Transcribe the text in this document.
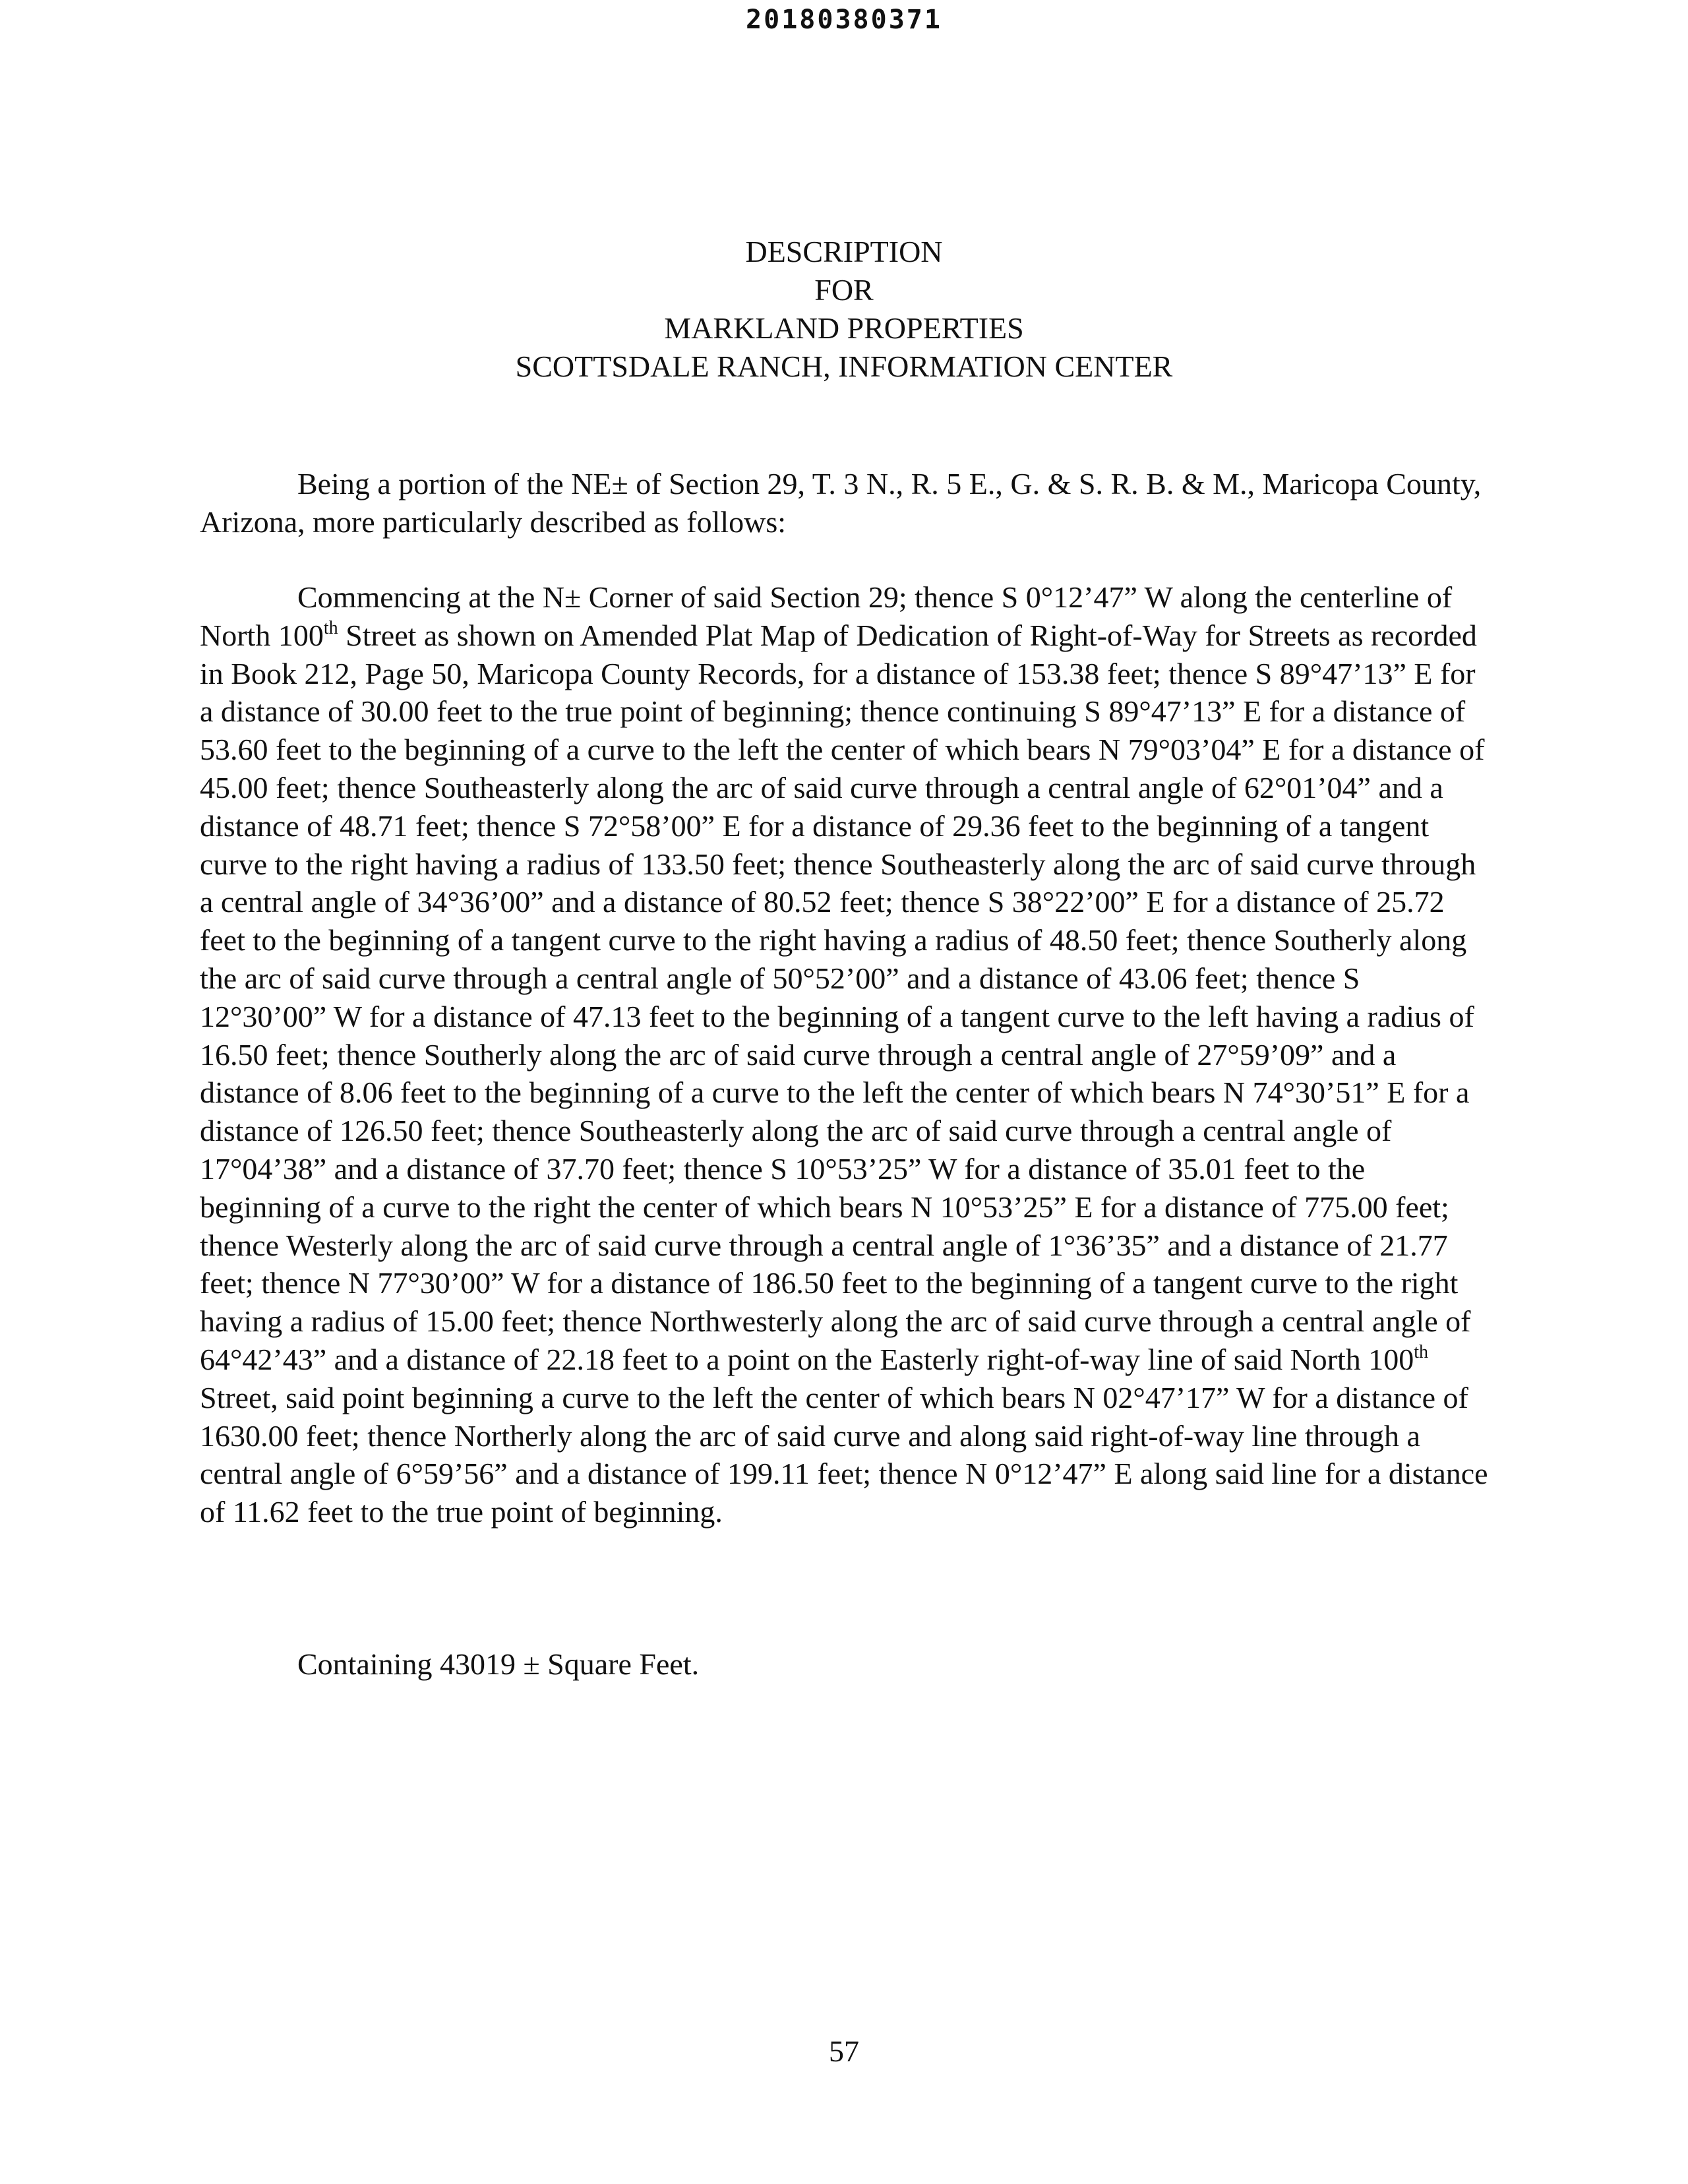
20180380371
DESCRIPTION
FOR
MARKLAND PROPERTIES
SCOTTSDALE RANCH, INFORMATION CENTER

Being a portion of the NE± of Section 29, T. 3 N., R. 5 E., G. & S. R. B. & M., Maricopa County, Arizona, more particularly described as follows:

Commencing at the N± Corner of said Section 29; thence S 0°12’47” W along the centerline of North 100th Street as shown on Amended Plat Map of Dedication of Right-of-Way for Streets as recorded in Book 212, Page 50, Maricopa County Records, for a distance of 153.38 feet; thence S 89°47’13” E for a distance of 30.00 feet to the true point of beginning; thence continuing S 89°47’13” E for a distance of 53.60 feet to the beginning of a curve to the left the center of which bears N 79°03’04” E for a distance of 45.00 feet; thence Southeasterly along the arc of said curve through a central angle of 62°01’04” and a distance of 48.71 feet; thence S 72°58’00” E for a distance of 29.36 feet to the beginning of a tangent curve to the right having a radius of 133.50 feet; thence Southeasterly along the arc of said curve through a central angle of 34°36’00” and a distance of 80.52 feet; thence S 38°22’00” E for a distance of 25.72 feet to the beginning of a tangent curve to the right having a radius of 48.50 feet; thence Southerly along the arc of said curve through a central angle of 50°52’00” and a distance of 43.06 feet; thence S 12°30’00” W for a distance of 47.13 feet to the beginning of a tangent curve to the left having a radius of 16.50 feet; thence Southerly along the arc of said curve through a central angle of 27°59’09” and a distance of 8.06 feet to the beginning of a curve to the left the center of which bears N 74°30’51” E for a distance of 126.50 feet; thence Southeasterly along the arc of said curve through a central angle of 17°04’38” and a distance of 37.70 feet; thence S 10°53’25” W for a distance of 35.01 feet to the beginning of a curve to the right the center of which bears N 10°53’25” E for a distance of 775.00 feet; thence Westerly along the arc of said curve through a central angle of 1°36’35” and a distance of 21.77 feet; thence N 77°30’00” W for a distance of 186.50 feet to the beginning of a tangent curve to the right having a radius of 15.00 feet; thence Northwesterly along the arc of said curve through a central angle of 64°42’43” and a distance of 22.18 feet to a point on the Easterly right-of-way line of said North 100th Street, said point beginning a curve to the left the center of which bears N 02°47’17” W for a distance of 1630.00 feet; thence Northerly along the arc of said curve and along said right-of-way line through a central angle of 6°59’56” and a distance of 199.11 feet; thence N 0°12’47” E along said line for a distance of 11.62 feet to the true point of beginning.

Containing 43019 ± Square Feet.

57
